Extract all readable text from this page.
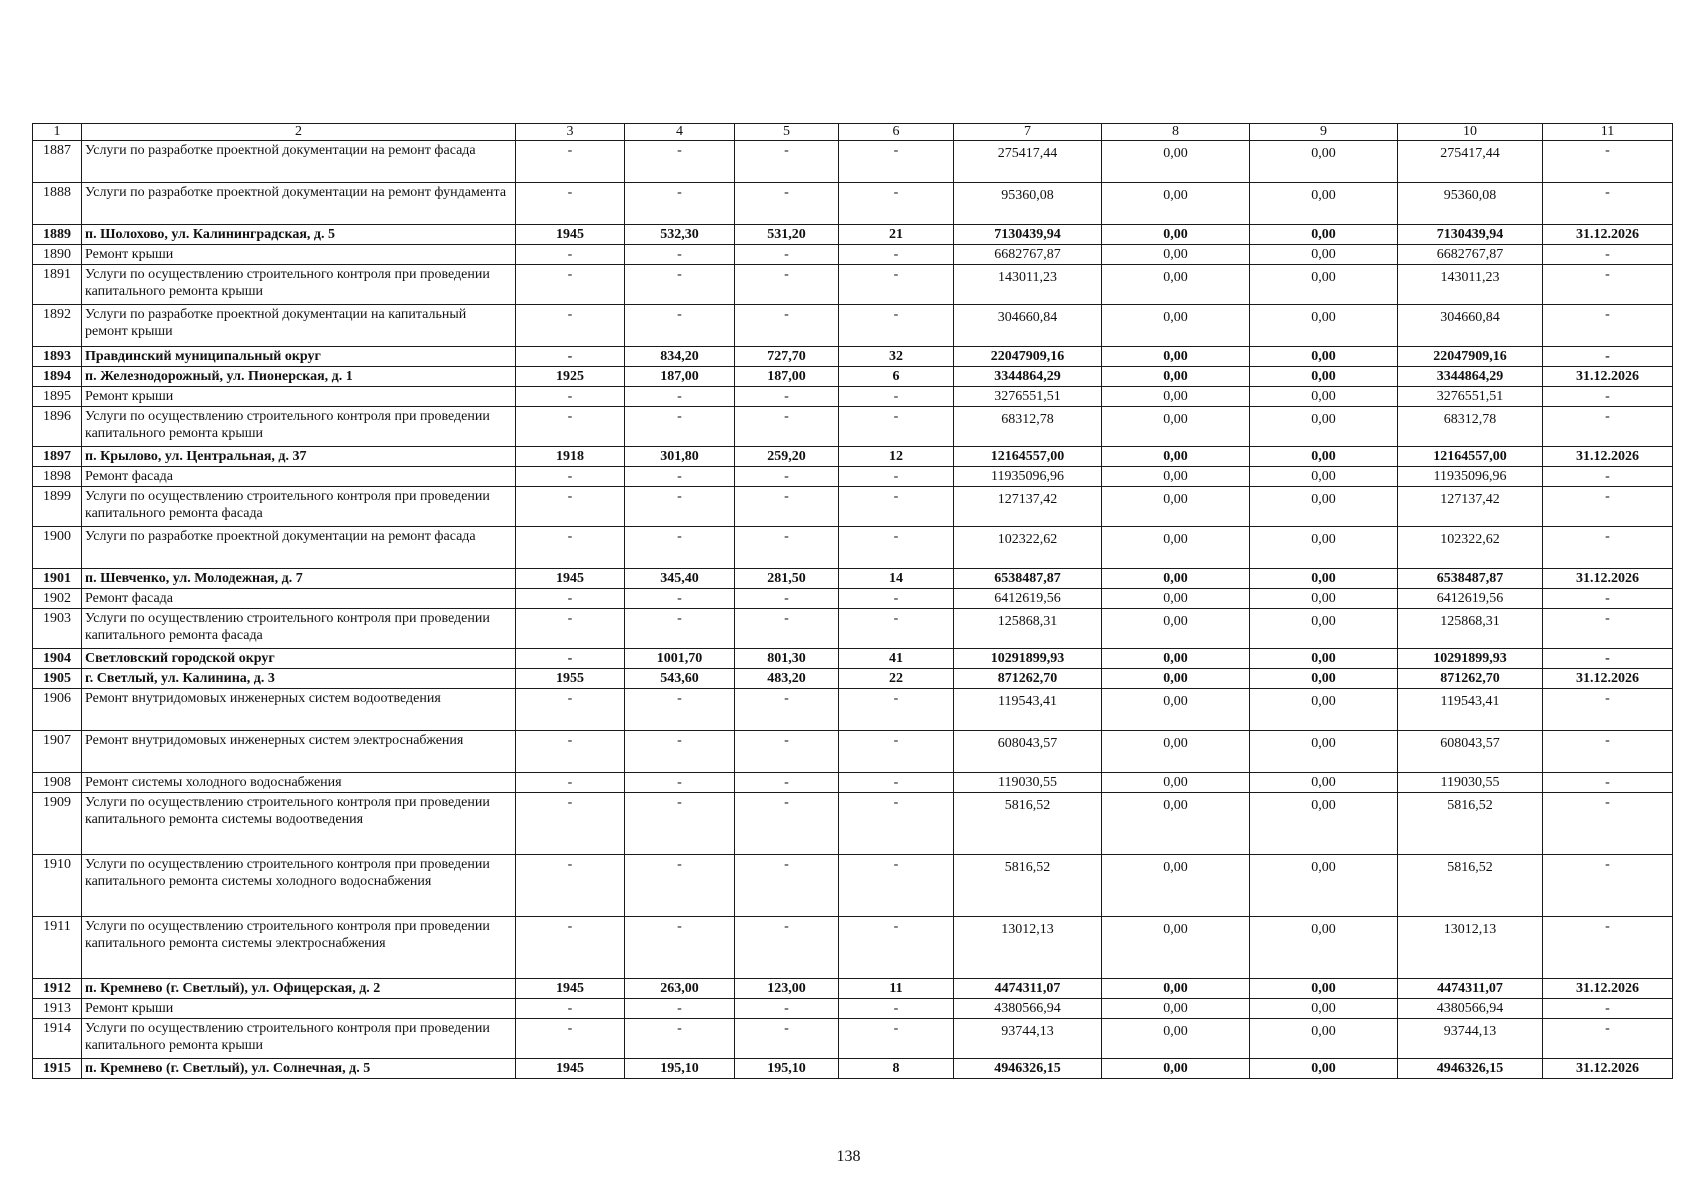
1	2	3	4	5	6	7	8	9	10	11
1887	Услуги по разработке проектной документации на ремонт фасада	-	-	-	-	275417,44	0,00	0,00	275417,44	-
1888	Услуги по разработке проектной документации на ремонт фундамента	-	-	-	-	95360,08	0,00	0,00	95360,08	-
1889	п. Шолохово, ул. Калининградская, д. 5	1945	532,30	531,20	21	7130439,94	0,00	0,00	7130439,94	31.12.2026
1890	Ремонт крыши	-	-	-	-	6682767,87	0,00	0,00	6682767,87	-
1891	Услуги по осуществлению строительного контроля при проведении капитального ремонта крыши	-	-	-	-	143011,23	0,00	0,00	143011,23	-
1892	Услуги по разработке проектной документации на капитальный ремонт крыши	-	-	-	-	304660,84	0,00	0,00	304660,84	-
1893	Правдинский муниципальный округ	-	834,20	727,70	32	22047909,16	0,00	0,00	22047909,16	-
1894	п. Железнодорожный, ул. Пионерская, д. 1	1925	187,00	187,00	6	3344864,29	0,00	0,00	3344864,29	31.12.2026
1895	Ремонт крыши	-	-	-	-	3276551,51	0,00	0,00	3276551,51	-
1896	Услуги по осуществлению строительного контроля при проведении капитального ремонта крыши	-	-	-	-	68312,78	0,00	0,00	68312,78	-
1897	п. Крылово, ул. Центральная, д. 37	1918	301,80	259,20	12	12164557,00	0,00	0,00	12164557,00	31.12.2026
1898	Ремонт фасада	-	-	-	-	11935096,96	0,00	0,00	11935096,96	-
1899	Услуги по осуществлению строительного контроля при проведении капитального ремонта фасада	-	-	-	-	127137,42	0,00	0,00	127137,42	-
1900	Услуги по разработке проектной документации на ремонт фасада	-	-	-	-	102322,62	0,00	0,00	102322,62	-
1901	п. Шевченко, ул. Молодежная, д. 7	1945	345,40	281,50	14	6538487,87	0,00	0,00	6538487,87	31.12.2026
1902	Ремонт фасада	-	-	-	-	6412619,56	0,00	0,00	6412619,56	-
1903	Услуги по осуществлению строительного контроля при проведении капитального ремонта фасада	-	-	-	-	125868,31	0,00	0,00	125868,31	-
1904	Светловский городской округ	-	1001,70	801,30	41	10291899,93	0,00	0,00	10291899,93	-
1905	г. Светлый, ул. Калинина, д. 3	1955	543,60	483,20	22	871262,70	0,00	0,00	871262,70	31.12.2026
1906	Ремонт внутридомовых инженерных систем водоотведения	-	-	-	-	119543,41	0,00	0,00	119543,41	-
1907	Ремонт внутридомовых инженерных систем электроснабжения	-	-	-	-	608043,57	0,00	0,00	608043,57	-
1908	Ремонт системы холодного водоснабжения	-	-	-	-	119030,55	0,00	0,00	119030,55	-
1909	Услуги по осуществлению строительного контроля при проведении капитального ремонта системы водоотведения	-	-	-	-	5816,52	0,00	0,00	5816,52	-
1910	Услуги по осуществлению строительного контроля при проведении капитального ремонта системы холодного водоснабжения	-	-	-	-	5816,52	0,00	0,00	5816,52	-
1911	Услуги по осуществлению строительного контроля при проведении капитального ремонта системы электроснабжения	-	-	-	-	13012,13	0,00	0,00	13012,13	-
1912	п. Кремнево (г. Светлый), ул. Офицерская, д. 2	1945	263,00	123,00	11	4474311,07	0,00	0,00	4474311,07	31.12.2026
1913	Ремонт крыши	-	-	-	-	4380566,94	0,00	0,00	4380566,94	-
1914	Услуги по осуществлению строительного контроля при проведении капитального ремонта крыши	-	-	-	-	93744,13	0,00	0,00	93744,13	-
1915	п. Кремнево (г. Светлый), ул. Солнечная, д. 5	1945	195,10	195,10	8	4946326,15	0,00	0,00	4946326,15	31.12.2026
138
